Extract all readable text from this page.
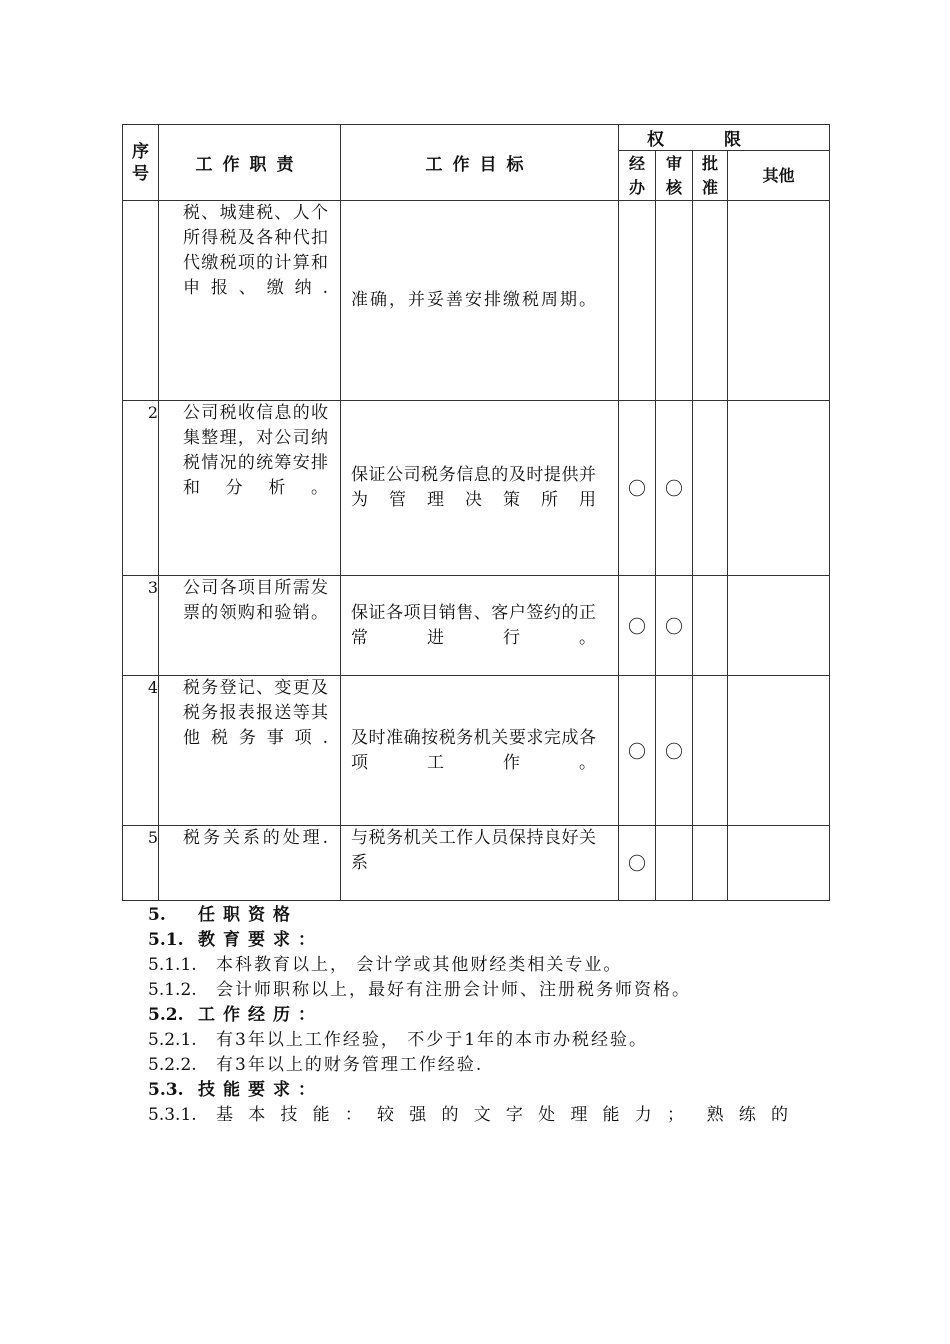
序号	工作职责	工作目标	权限			

			经办	审核	批准	其他

	税、城建税、人个所得税及各种代扣代缴税项的计算和申报、缴纳.	准确，并妥善安排缴税周期。				
2	公司税收信息的收集整理，对公司纳税情况的统筹安排和分析。	保证公司税务信息的及时提供并为管理决策所用	〇	〇		
3	公司各项目所需发票的领购和验销。	保证各项目销售、客户签约的正常进行。	〇	〇		
4	税务登记、变更及税务报表报送等其他税务事项.	及时准确按税务机关要求完成各项工作。	〇	〇		
5	税务关系的处理.	与税务机关工作人员保持良好关系	〇			
5. 任职资格
5.1. 教育要求：
5.1.1.	本科教育以上， 会计学或其他财经类相关专业。
5.1.2.	会计师职称以上，最好有注册会计师、注册税务师资格。
5.2. 工作经历：
5.2.1.	有3年以上工作经验， 不少于1年的本市办税经验。
5.2.2.	有3年以上的财务管理工作经验.
5.3. 技能要求：
5.3.1.	基本技能：较强的文字处理能力； 熟练的
